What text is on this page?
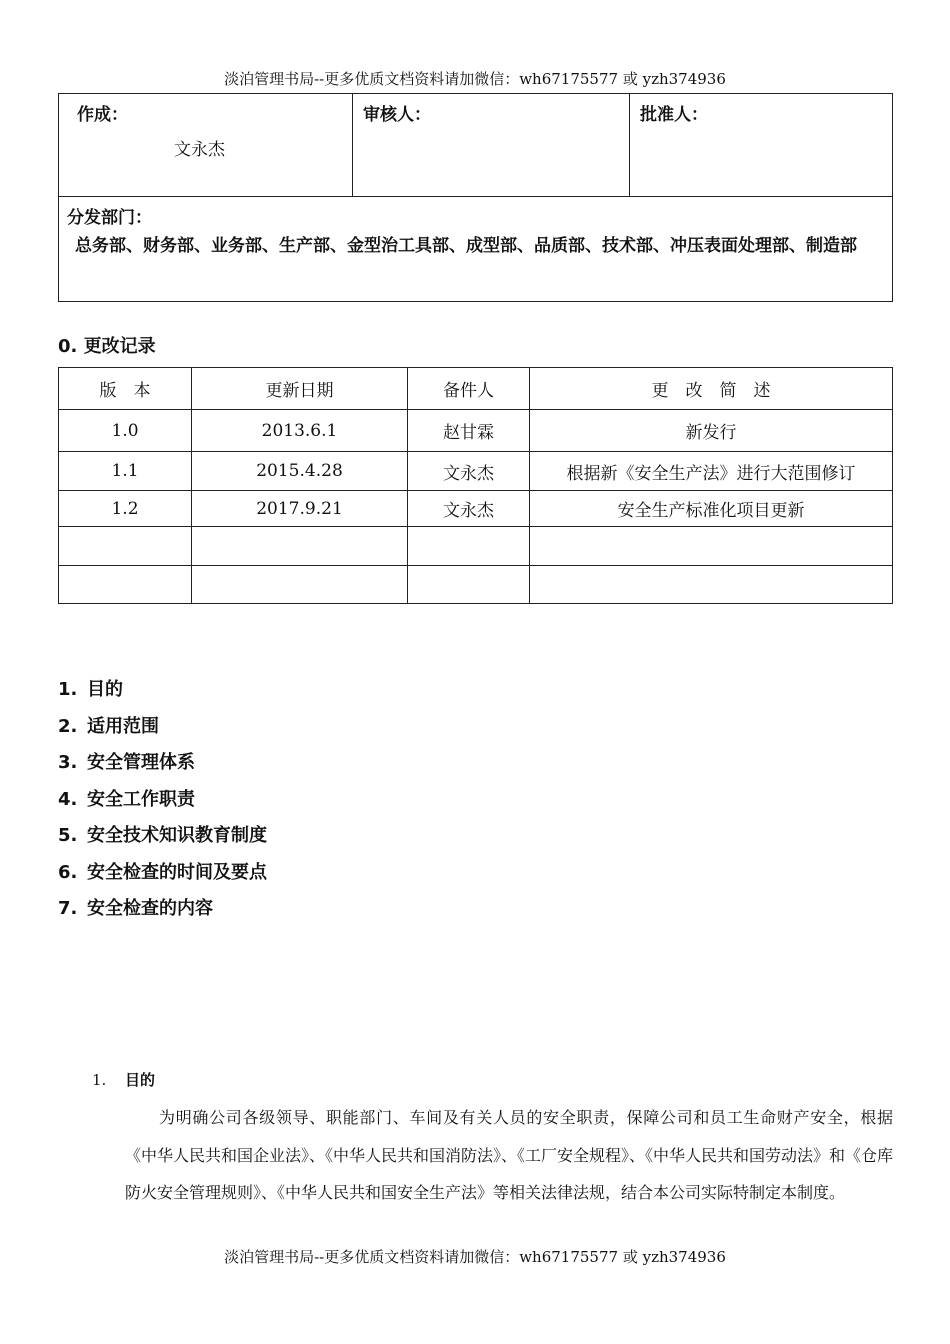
淡泊管理书局--更多优质文档资料请加微信：wh67175577 或 yzh374936
作成：
文永杰

审核人：	批准人：

分发部门：
总务部、财务部、业务部、生产部、金型治工具部、成型部、品质部、技术部、冲压表面处理部、制造部
0. 更改记录
版　本	更新日期	备件人	更　改　简　述
1.0	2013.6.1	赵甘霖	新发行
1.1	2015.4.28	文永杰	根据新《安全生产法》进行大范围修订
1.2	2017.9.21	文永杰	安全生产标准化项目更新

1. 目的
2. 适用范围
3. 安全管理体系
4. 安全工作职责
5. 安全技术知识教育制度
6. 安全检查的时间及要点
7. 安全检查的内容
1. 目的
为明确公司各级领导、职能部门、车间及有关人员的安全职责，保障公司和员工生命财产安全，根据《中华人民共和国企业法》、《中华人民共和国消防法》、《工厂安全规程》、《中华人民共和国劳动法》和《仓库防火安全管理规则》、《中华人民共和国安全生产法》等相关法律法规，结合本公司实际特制定本制度。
淡泊管理书局--更多优质文档资料请加微信：wh67175577 或 yzh374936
